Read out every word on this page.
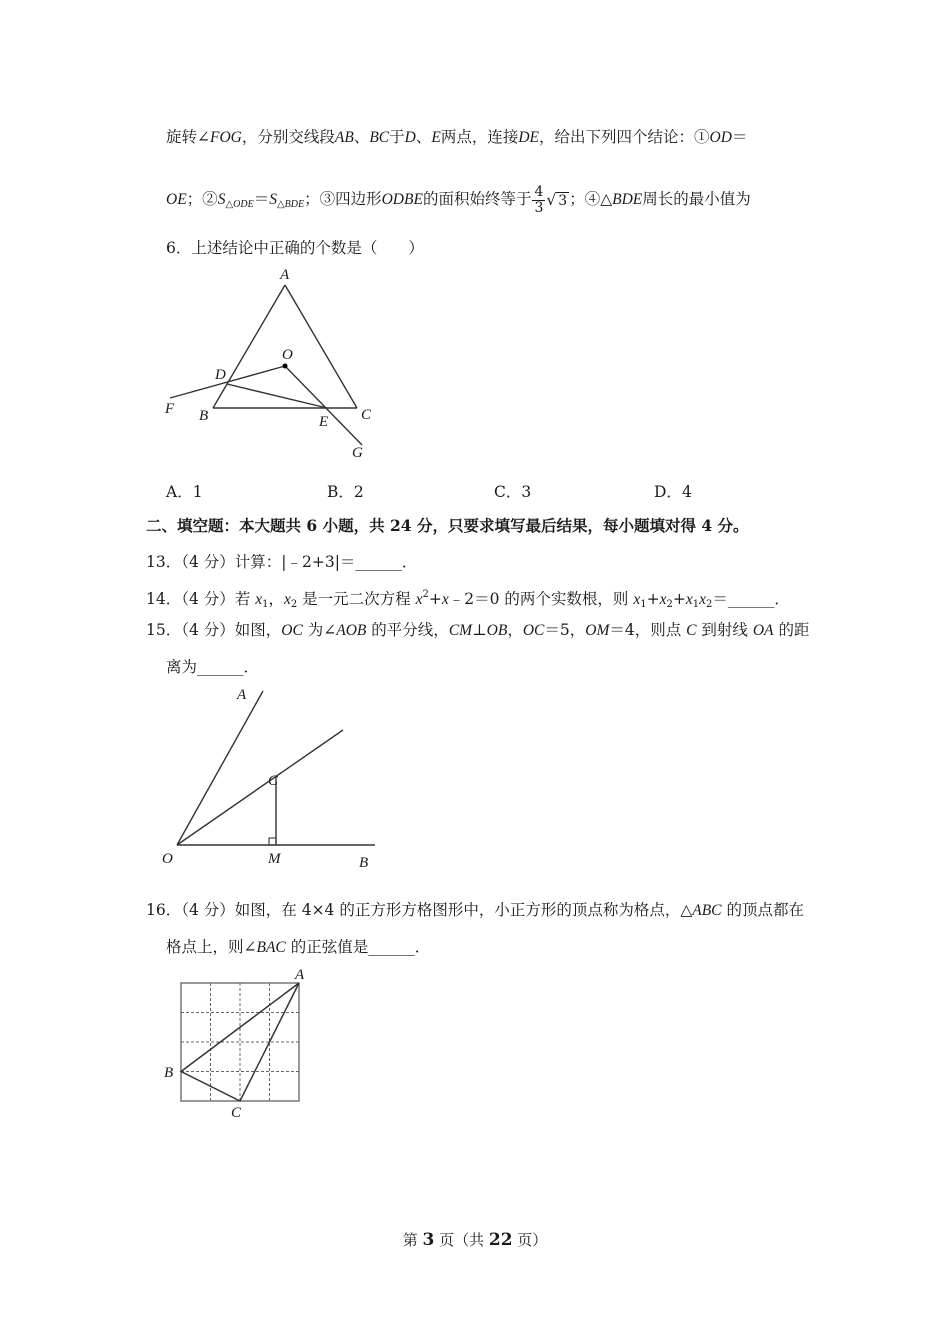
旋转∠FOG，分别交线段AB、BC于D、E两点，连接DE，给出下列四个结论：①OD＝
OE；$②S_{\triangle ODE}=S_{\triangle BDE}$；③四边形ODBE的面积始终等于 $\frac{4}{3}$ √ 3 ；④△BDE周长的最小值为
6．上述结论中正确的个数是（　　）
A
O
D
F B	E C
G
A．1	B．2	C．3	D．4
二、填空题：本大题共 6 小题，共 24 分，只要求填写最后结果，每小题填对得 4 分。
13．（4 分）计算：|﹣2+3|＝______．
14．（4 分）若 $x_1$，$x_2$ 是一元二次方程 $x^2+x﹣2=0$ 的两个实数根，则 $x_1+x_2+x_1x_2=\_\_\_\_\_\_$．
15．（4 分）如图，OC 为∠AOB 的平分线，CM⊥OB，OC＝5，OM＝4，则点 C 到射线 OA 的距
离为______．
A
C
O	M	B
16．（4 分）如图，在 4×4 的正方形方格图形中，小正方形的顶点称为格点，△ABC 的顶点都在
格点上，则∠BAC 的正弦值是______．
A
B
C
第 3 页（共 22 页）
